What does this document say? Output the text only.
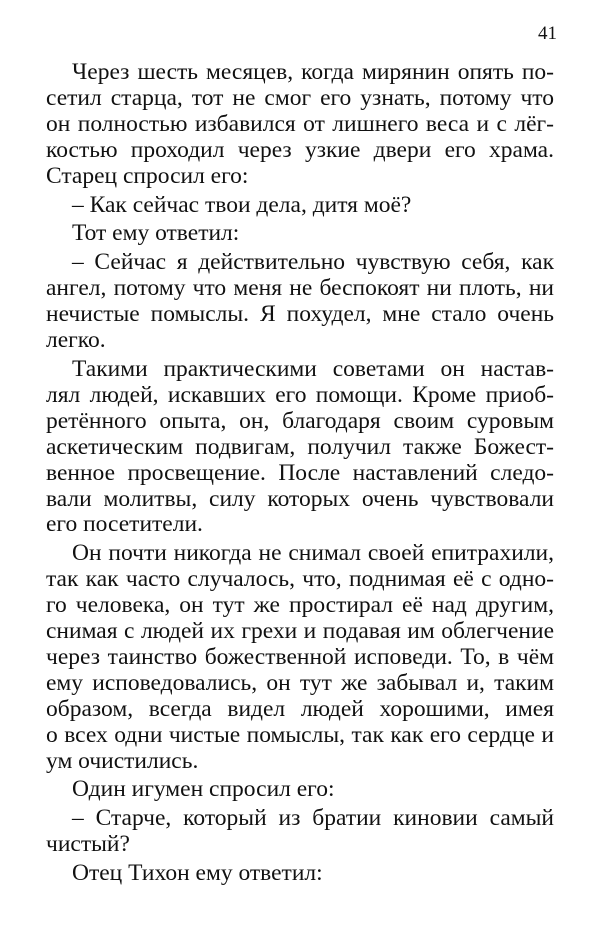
41
Через шесть месяцев, когда мирянин опять по-
сетил старца, тот не смог его узнать, потому что
он полностью избавился от лишнего веса и с лёг-
костью проходил через узкие двери его храма.
Старец спросил его:
– Как сейчас твои дела, дитя моё?
Тот ему ответил:
– Сейчас я действительно чувствую себя, как
ангел, потому что меня не беспокоят ни плоть, ни
нечистые помыслы. Я похудел, мне стало очень
легко.
Такими практическими советами он настав-
лял людей, искавших его помощи. Кроме приоб-
ретённого опыта, он, благодаря своим суровым
аскетическим подвигам, получил также Божест-
венное просвещение. После наставлений следо-
вали молитвы, силу которых очень чувствовали
его посетители.
Он почти никогда не снимал своей епитрахили,
так как часто случалось, что, поднимая её с одно-
го человека, он тут же простирал её над другим,
снимая с людей их грехи и подавая им облегчение
через таинство божественной исповеди. То, в чём
ему исповедовались, он тут же забывал и, таким
образом, всегда видел людей хорошими, имея
о всех одни чистые помыслы, так как его сердце и
ум очистились.
Один игумен спросил его:
– Старче, который из братии киновии самый
чистый?
Отец Тихон ему ответил:
